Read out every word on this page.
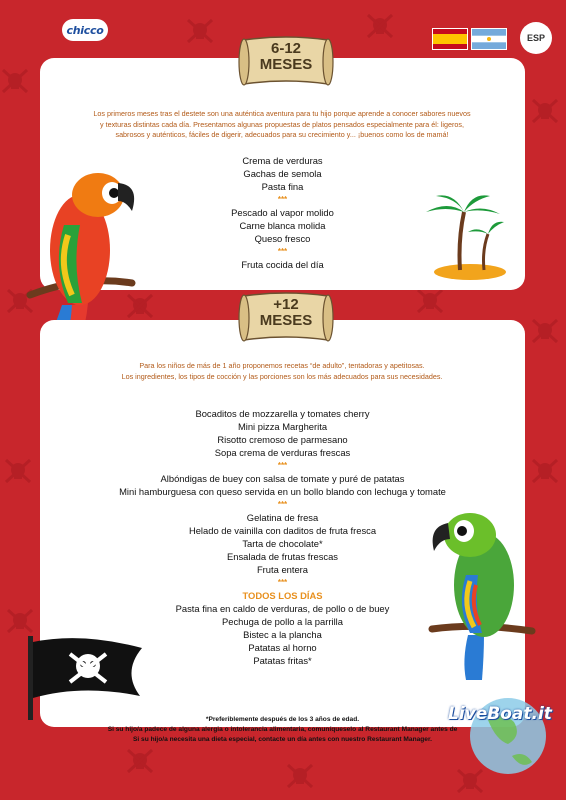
chicco
ESP
6-12
MESES
Los primeros meses tras el destete son una auténtica aventura para tu hijo porque aprende a conocer sabores nuevos
y texturas distintas cada día. Presentamos algunas propuestas de platos pensados especialmente para él: ligeros,
sabrosos y auténticos, fáciles de digerir, adecuados para su crecimiento y... ¡buenos como los de mamá!
Crema de verduras
Gachas de semola
Pasta fina
***
Pescado al vapor molido
Carne blanca molida
Queso fresco
***
Fruta cocida del día
+12
MESES
Para los niños de más de 1 año proponemos recetas “de adulto”, tentadoras y apetitosas.
Los ingredientes, los tipos de cocción y las porciones son los más adecuados para sus necesidades.
Bocaditos de mozzarella y tomates cherry
Mini pizza Margherita
Risotto cremoso de parmesano
Sopa crema de verduras frescas
***
Albóndigas de buey con salsa de tomate y puré de patatas
Mini hamburguesa con queso servida en un bollo blando con lechuga y tomate
***
Gelatina de fresa
Helado de vainilla con daditos de fruta fresca
Tarta de chocolate*
Ensalada de frutas frescas
Fruta entera
***
TODOS LOS DÍAS
Pasta fina en caldo de verduras, de pollo o de buey
Pechuga de pollo a la parrilla
Bistec a la plancha
Patatas al horno
Patatas fritas*
*Preferiblemente después de los 3 años de edad.
Si su hijo/a padece de alguna alergia o intolerancia alimentaria, comuníqueselo al Restaurant Manager antes de
Si su hijo/a necesita una dieta especial, contacte un día antes con nuestro Restaurant Manager.
LiveBoat.it
